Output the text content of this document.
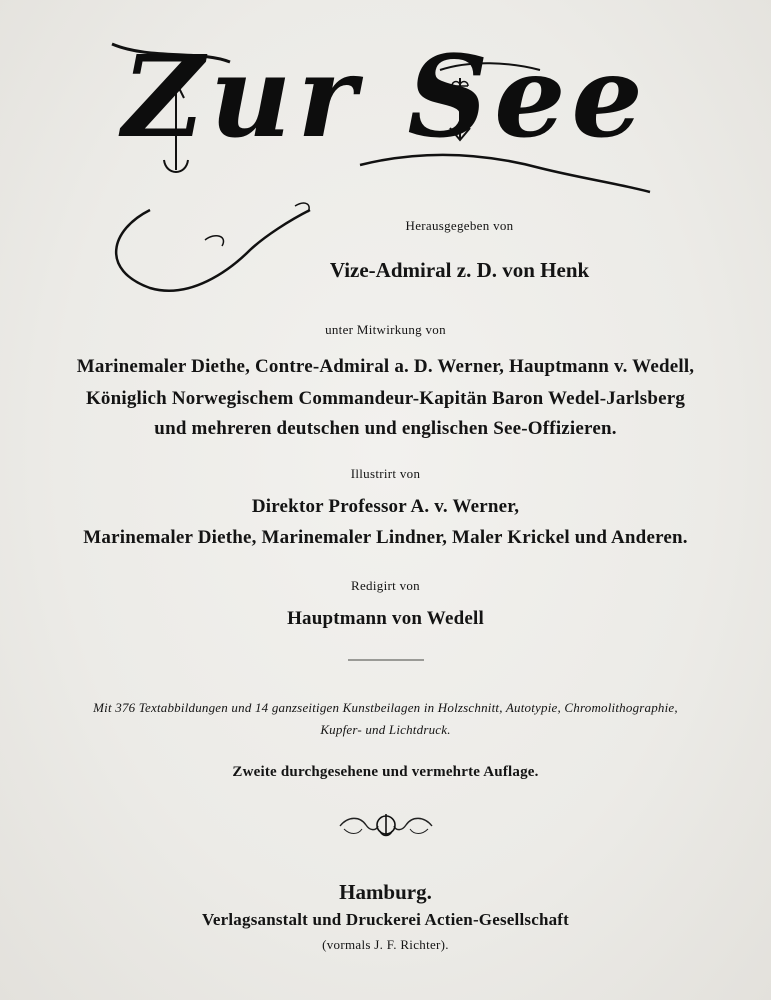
Zur See
Herausgegeben von
Vize-Admiral z. D. von Henk
unter Mitwirkung von
Marinemaler Diethe, Contre-Admiral a. D. Werner, Hauptmann v. Wedell,
Königlich Norwegischem Commandeur-Kapitän Baron Wedel-Jarlsberg
und mehreren deutschen und englischen See-Offizieren.
Illustrirt von
Direktor Professor A. v. Werner,
Marinemaler Diethe, Marinemaler Lindner, Maler Krickel und Anderen.
Redigirt von
Hauptmann von Wedell
Mit 376 Textabbildungen und 14 ganzseitigen Kunstbeilagen in Holzschnitt, Autotypie, Chromolithographie,
Kupfer- und Lichtdruck.
Zweite durchgesehene und vermehrte Auflage.
Hamburg.
Verlagsanstalt und Druckerei Actien-Gesellschaft
(vormals J. F. Richter).
